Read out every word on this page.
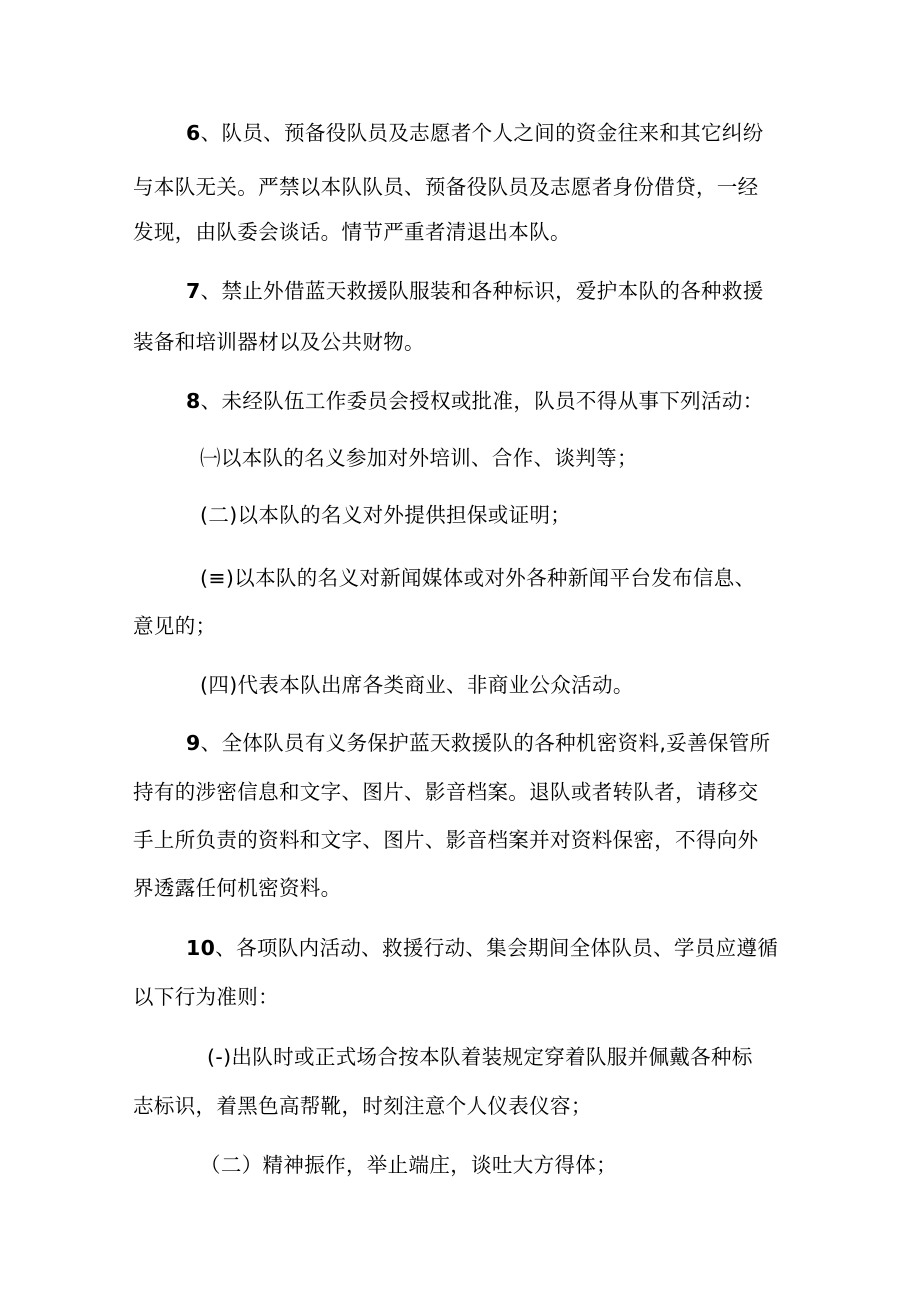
6、队员、预备役队员及志愿者个人之间的资金往来和其它纠纷
与本队无关。严禁以本队队员、预备役队员及志愿者身份借贷，一经
发现，由队委会谈话。情节严重者清退出本队。
7、禁止外借蓝天救援队服装和各种标识，爱护本队的各种救援
装备和培训器材以及公共财物。
8、未经队伍工作委员会授权或批准，队员不得从事下列活动：
㈠以本队的名义参加对外培训、合作、谈判等；
(二)以本队的名义对外提供担保或证明；
(≡)以本队的名义对新闻媒体或对外各种新闻平台发布信息、
意见的；
(四)代表本队出席各类商业、非商业公众活动。
9、全体队员有义务保护蓝天救援队的各种机密资料,妥善保管所
持有的涉密信息和文字、图片、影音档案。退队或者转队者，请移交
手上所负责的资料和文字、图片、影音档案并对资料保密，不得向外
界透露任何机密资料。
10、各项队内活动、救援行动、集会期间全体队员、学员应遵循
以下行为准则：
(-)出队时或正式场合按本队着装规定穿着队服并佩戴各种标
志标识，着黑色高帮靴，时刻注意个人仪表仪容；
（二）精神振作，举止端庄，谈吐大方得体；
